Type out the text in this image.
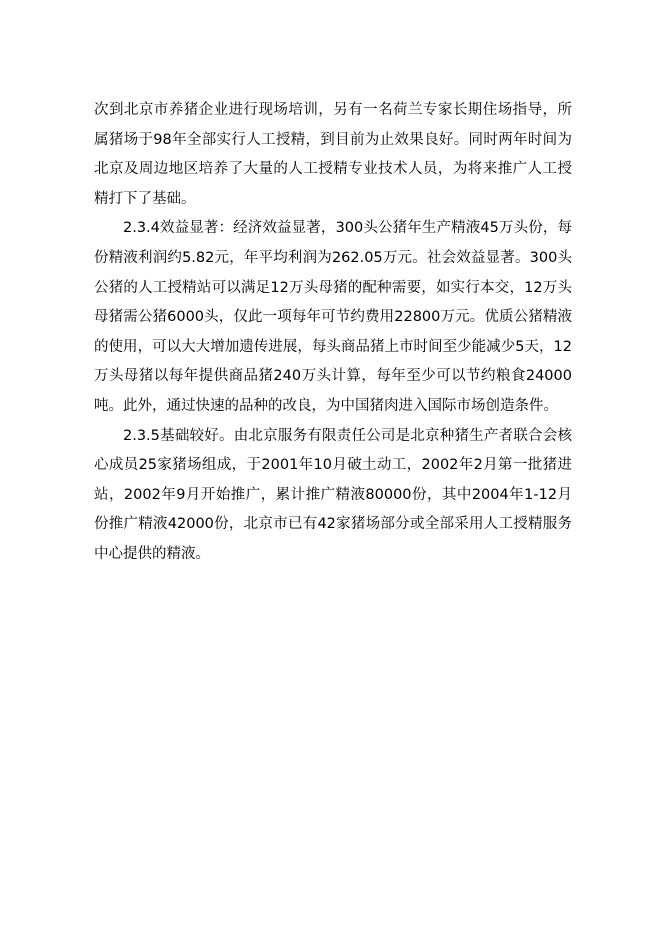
次到北京市养猪企业进行现场培训，另有一名荷兰专家长期住场指导，所属猪场于98年全部实行人工授精，到目前为止效果良好。同时两年时间为北京及周边地区培养了大量的人工授精专业技术人员，为将来推广人工授精打下了基础。

2.3.4效益显著：经济效益显著，300头公猪年生产精液45万头份，每份精液利润约5.82元，年平均利润为262.05万元。社会效益显著。300头公猪的人工授精站可以满足12万头母猪的配种需要，如实行本交，12万头母猪需公猪6000头，仅此一项每年可节约费用22800万元。优质公猪精液的使用，可以大大增加遗传进展，每头商品猪上市时间至少能减少5天，12万头母猪以每年提供商品猪240万头计算，每年至少可以节约粮食24000吨。此外，通过快速的品种的改良，为中国猪肉进入国际市场创造条件。

2.3.5基础较好。由北京服务有限责任公司是北京种猪生产者联合会核心成员25家猪场组成，于2001年10月破土动工，2002年2月第一批猪进站，2002年9月开始推广，累计推广精液80000份，其中2004年1-12月份推广精液42000份，北京市已有42家猪场部分或全部采用人工授精服务中心提供的精液。
